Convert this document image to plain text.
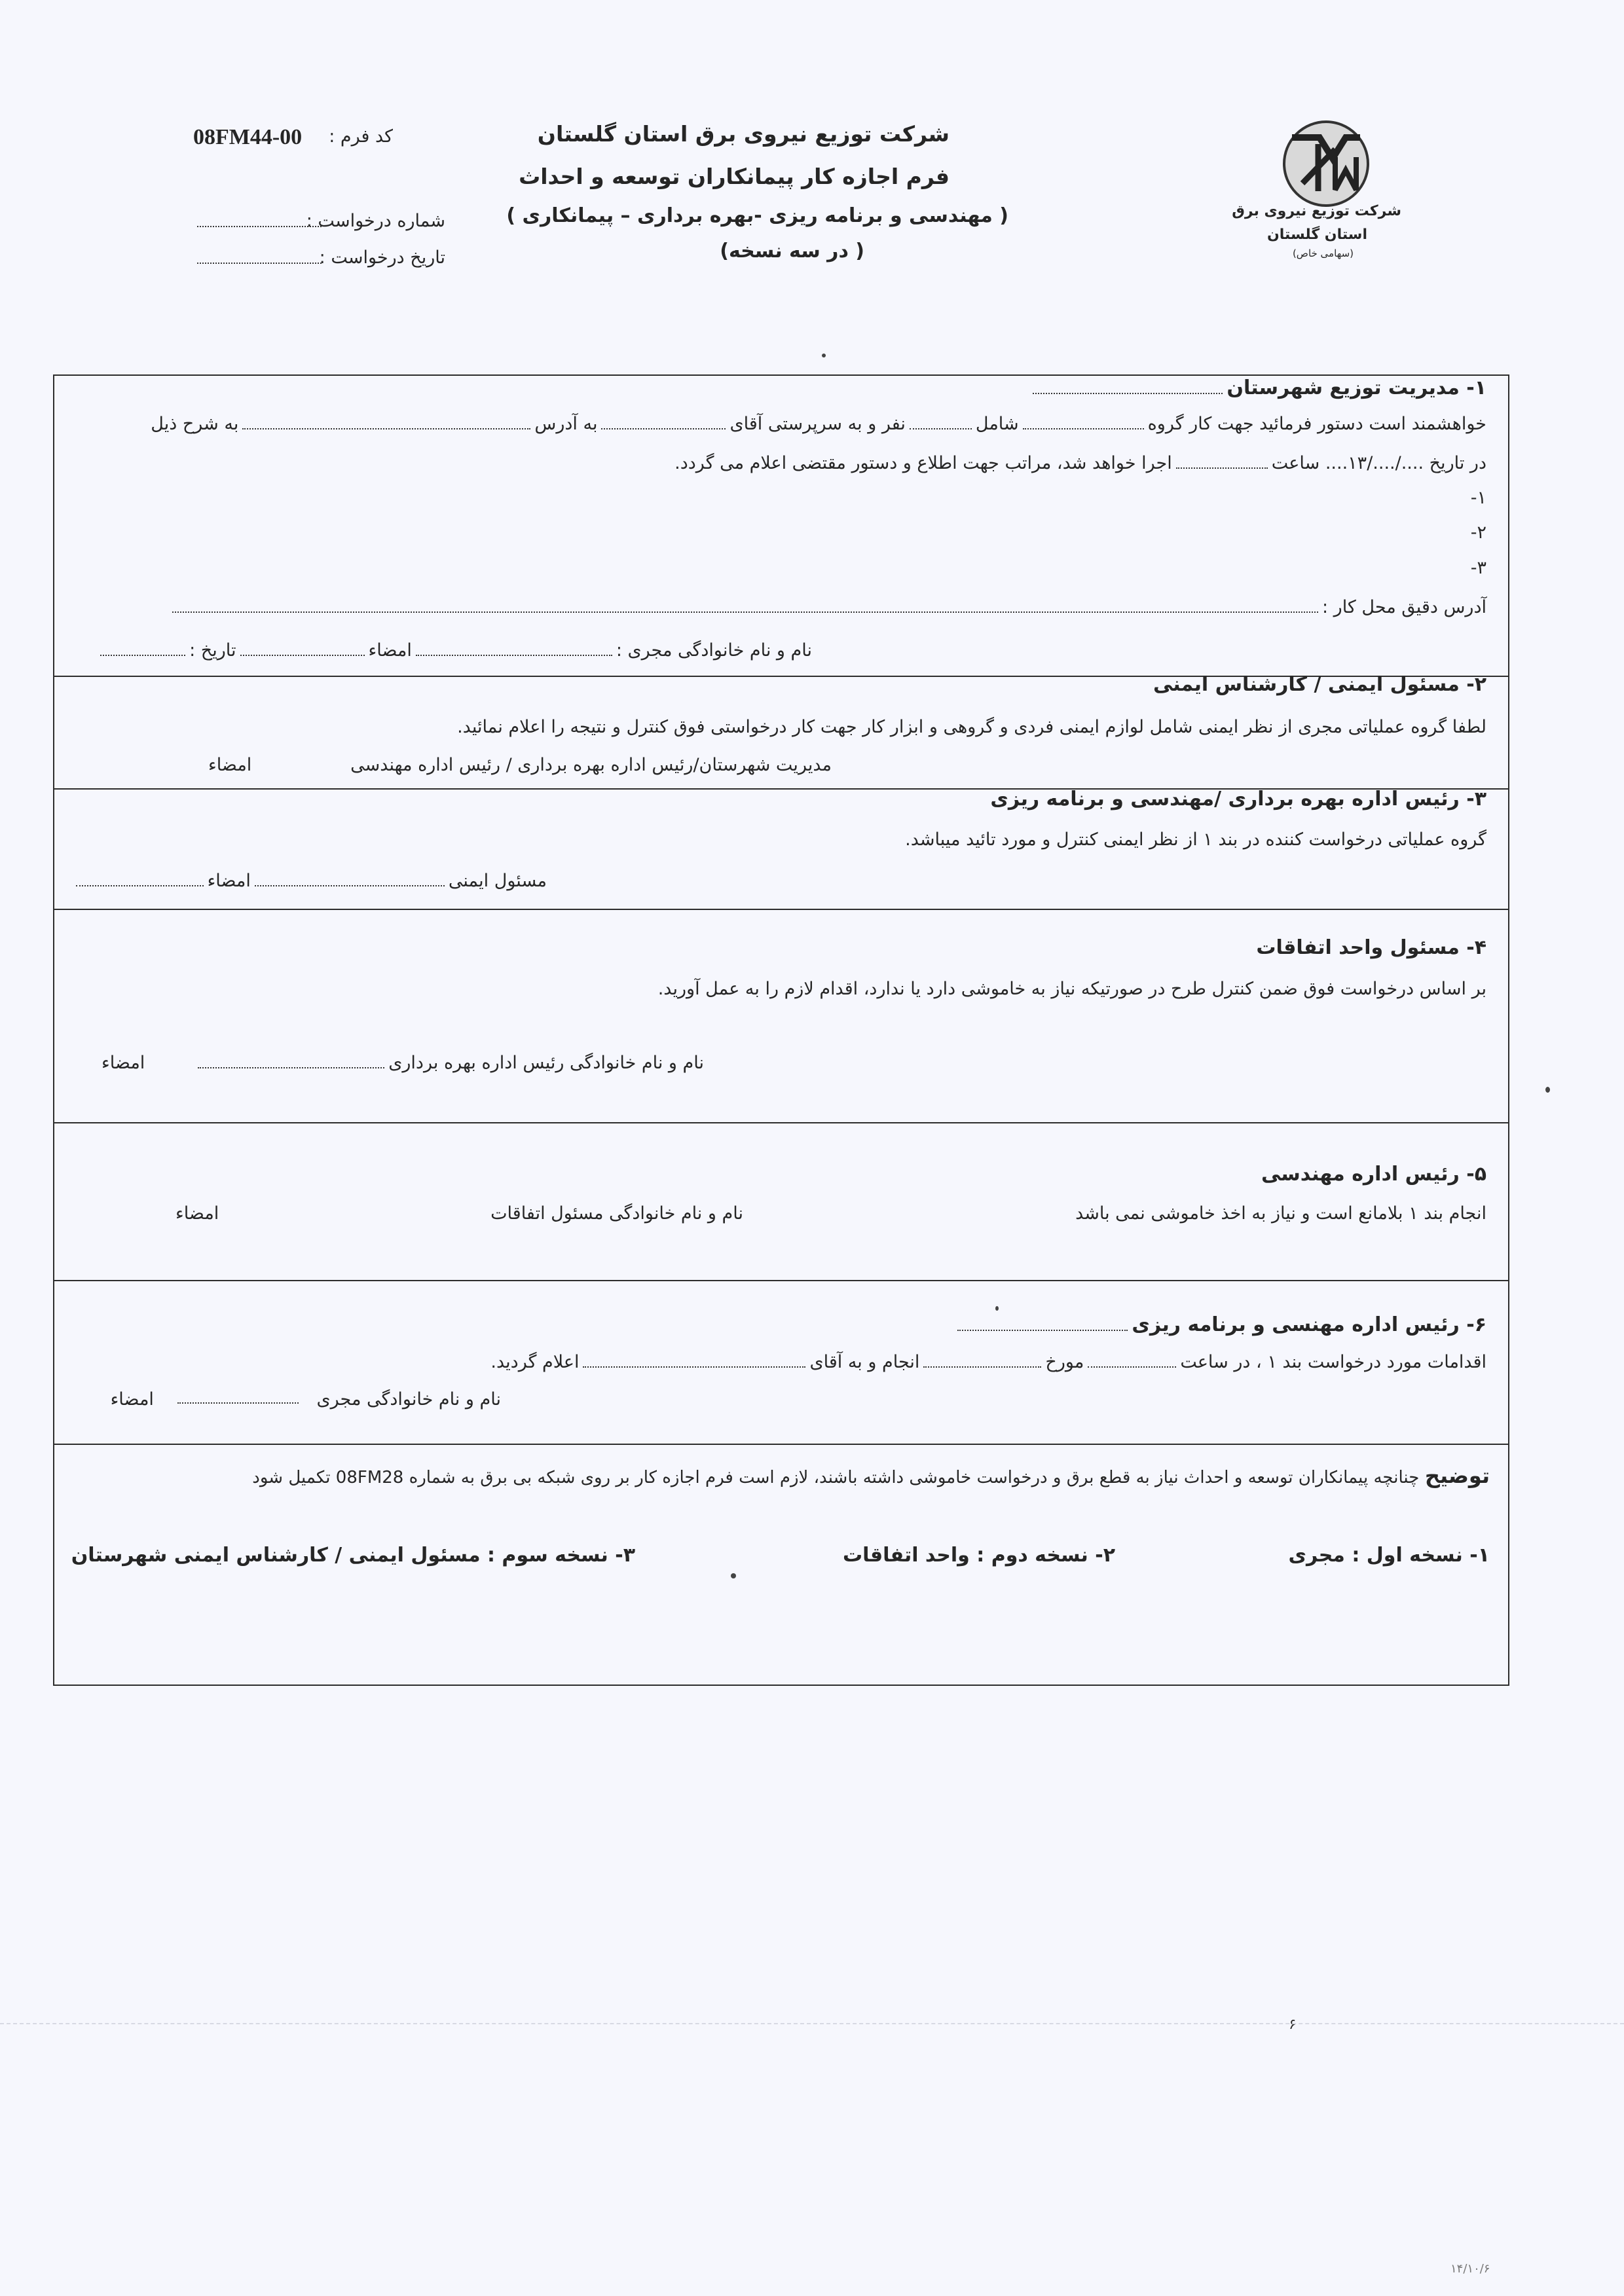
شرکت توزیع نیروی برق استان گلستان
فرم اجازه کار پیمانکاران توسعه و احداث
( مهندسی و برنامه ریزی -بهره برداری – پیمانکاری )
( در سه نسخه)
کد فرم :
08FM44-00
شماره درخواست :
تاریخ درخواست :
شرکت توزیع نیروی برق
استان گلستان
(سهامی خاص)
۱- مدیریت توزیع شهرستان
خواهشمند است دستور فرمائید جهت کار گروهشاملنفر و به سرپرستی آقایبه آدرسبه شرح ذیل
در تاریخ ..../..../۱۳.... ساعتاجرا خواهد شد، مراتب جهت اطلاع و دستور مقتضی اعلام می گردد.
-۱
-۲
-۳
آدرس دقیق محل کار :
نام و نام خانوادگی مجری :امضاءتاریخ :
۲- مسئول ایمنی / کارشناس ایمنی
لطفا گروه عملیاتی مجری از نظر ایمنی شامل لوازم ایمنی فردی و گروهی و ابزار کار جهت کار درخواستی فوق کنترل و نتیجه را اعلام نمائید.
مدیریت شهرستان/رئیس اداره بهره برداری / رئیس اداره مهندسی
امضاء
۳- رئیس اداره بهره برداری /مهندسی و برنامه ریزی
گروه عملیاتی درخواست کننده در بند ۱ از نظر ایمنی کنترل و مورد تائید میباشد.
مسئول ایمنیامضاء
۴- مسئول واحد اتفاقات
بر اساس درخواست فوق ضمن کنترل طرح در صورتیکه نیاز به خاموشی دارد یا ندارد، اقدام لازم را به عمل آورید.
نام و نام خانوادگی رئیس اداره بهره برداری
امضاء
۵- رئیس اداره مهندسی
انجام بند ۱ بلامانع است و نیاز به اخذ خاموشی نمی باشد
نام و نام خانوادگی مسئول اتفاقات
امضاء
۶- رئیس اداره مهنسی و برنامه ریزی
اقدامات مورد درخواست بند ۱ ، در ساعتمورخانجام و به آقایاعلام گردید.
نام و نام خانوادگی مجری امضاء
توضیح چنانچه پیمانکاران توسعه و احداث نیاز به قطع برق و درخواست خاموشی داشته باشند، لازم است فرم اجازه کار بر روی شبکه بی برق به شماره 08FM28 تکمیل شود
۱- نسخه اول : مجری
۲- نسخه دوم : واحد اتفاقات
۳- نسخه سوم : مسئول ایمنی / کارشناس ایمنی شهرستان
۶
۱۴/۱۰/۶
